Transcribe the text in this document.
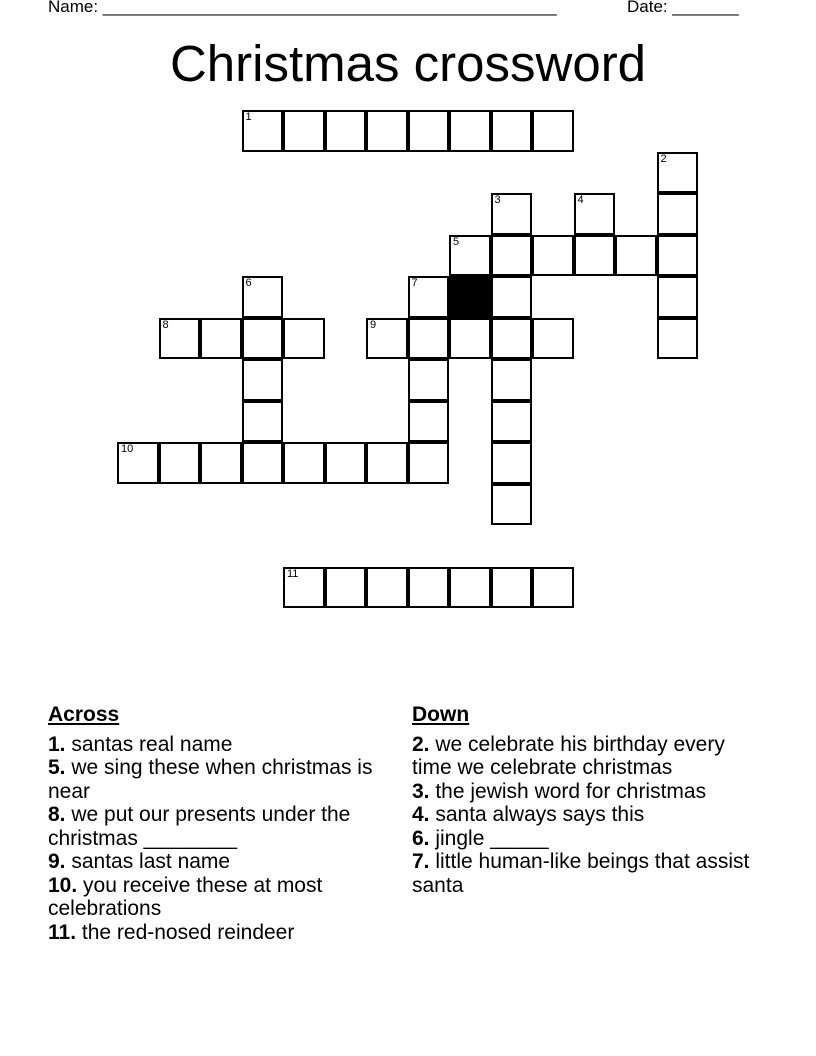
Name: ________________________________________________	Date: _______
Christmas crossword
1
2
3	4
5
6	7
8	9
10
11
Across
1. santas real name
5. we sing these when christmas is near
8. we put our presents under the christmas ________
9. santas last name
10. you receive these at most celebrations
11. the red-nosed reindeer
Down
2. we celebrate his birthday every time we celebrate christmas
3. the jewish word for christmas
4. santa always says this
6. jingle _____
7. little human-like beings that assist santa
